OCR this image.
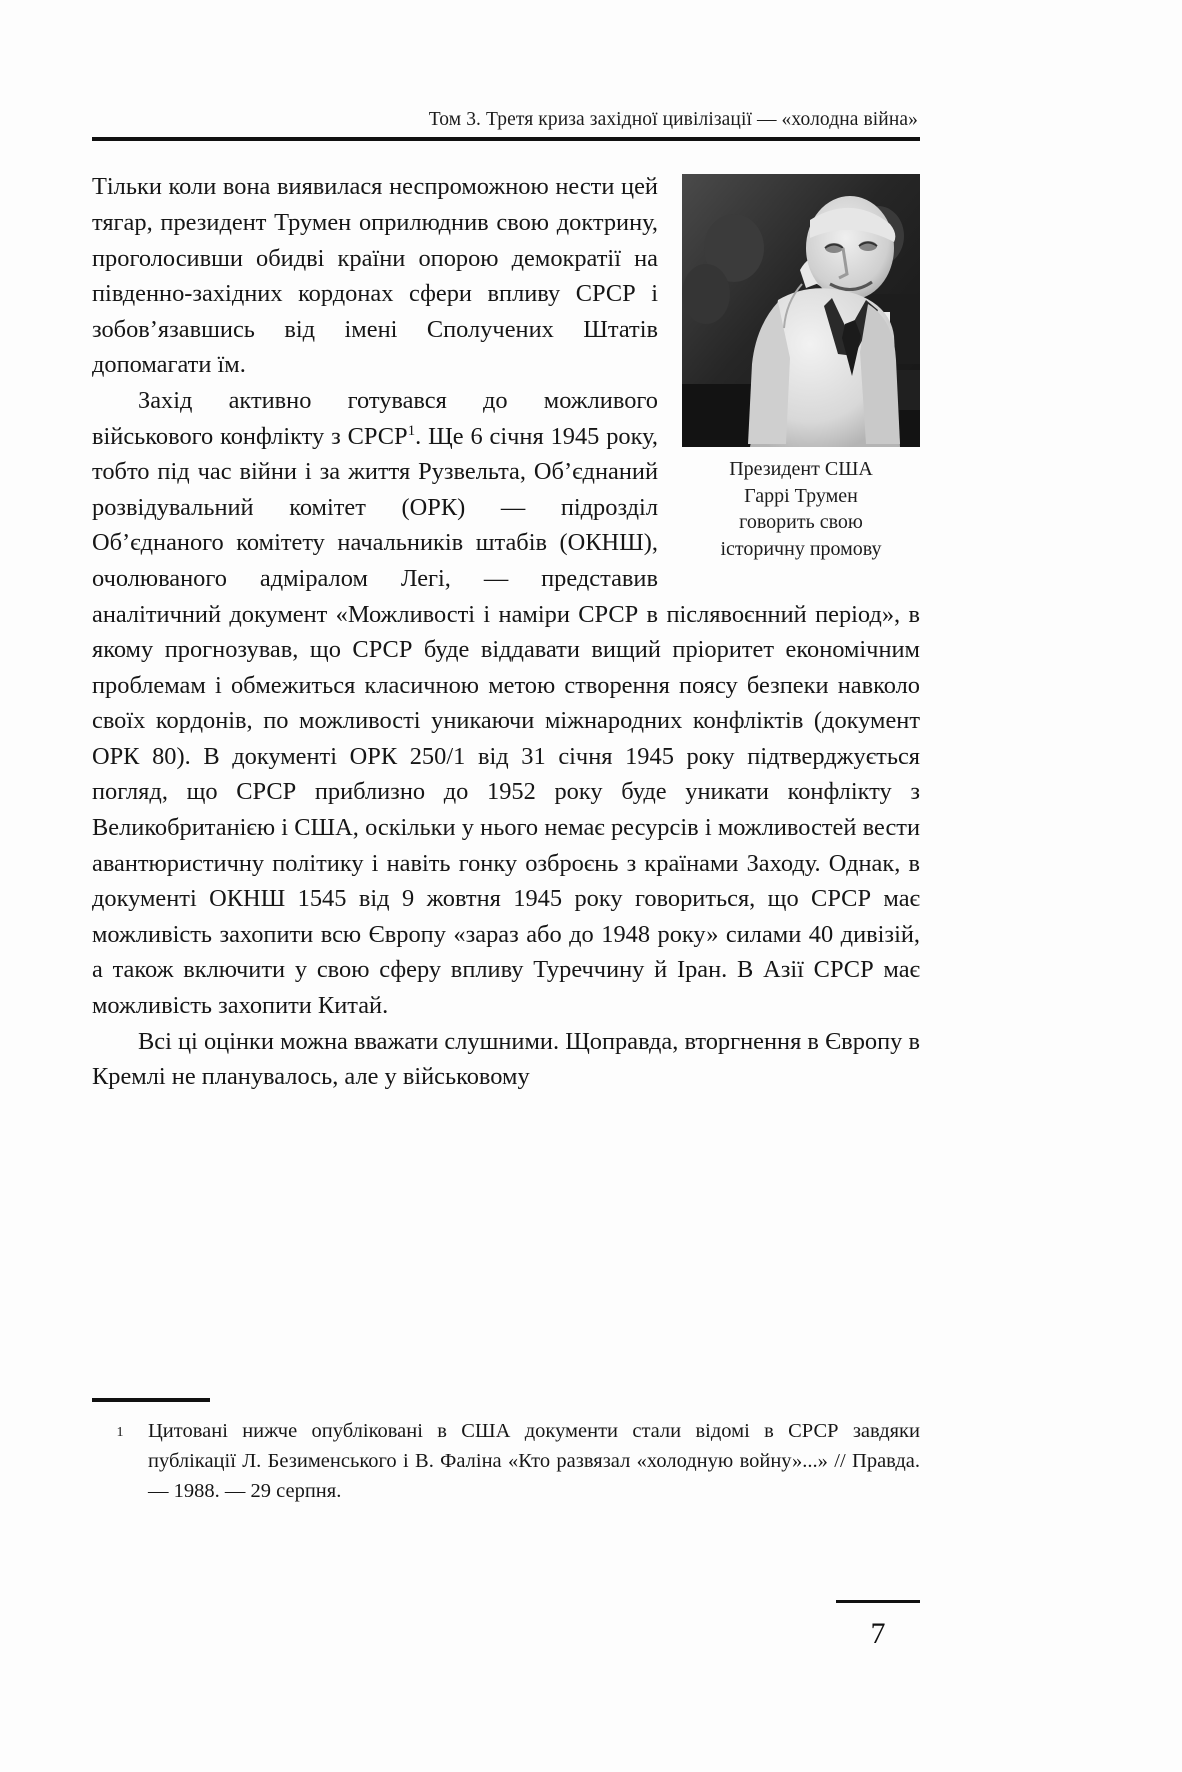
Том 3. Третя криза західної цивілізації — «холодна війна»
Президент США
Гаррі Трумен
говорить свою
історичну промову

Тільки коли вона виявилася неспроможною нести цей тягар, президент Трумен оприлюднив свою доктрину, проголосивши обидві країни опорою демократії на південно-західних кордонах сфери впливу СРСР і зобов’язавшись від імені Сполучених Штатів допомагати їм.

Захід активно готувався до можливого військового конфлікту з СРСР$^1$. Ще 6 січня 1945 року, тобто під час війни і за життя Рузвельта, Об’єднаний розвідувальний комітет (ОРК) — підрозділ Об’єднаного комітету начальників штабів (ОКНШ), очолюваного адміралом Легі, — представив аналітичний документ «Можливості і наміри СРСР в післявоєнний період», в якому прогнозував, що СРСР буде віддавати вищий пріоритет економічним проблемам і обмежиться класичною метою створення поясу безпеки навколо своїх кордонів, по можливості уникаючи міжнародних конфліктів (документ ОРК 80). В документі ОРК 250/1 від 31 січня 1945 року підтверджується погляд, що СРСР приблизно до 1952 року буде уникати конфлікту з Великобританією і США, оскільки у нього немає ресурсів і можливостей вести авантюристичну політику і навіть гонку озброєнь з країнами Заходу. Однак, в документі ОКНШ 1545 від 9 жовтня 1945 року говориться, що СРСР має можливість захопити всю Європу «зараз або до 1948 року» силами 40 дивізій, а також включити у свою сферу впливу Туреччину й Іран. В Азії СРСР має можливість захопити Китай.

Всі ці оцінки можна вважати слушними. Щоправда, вторгнення в Європу в Кремлі не планувалось, але у військовому

1	Цитовані нижче опубліковані в США документи стали відомі в СРСР завдяки публікації Л. Безименського і В. Фаліна «Кто развязал «холодную войну»...» // Правда. — 1988. — 29 серпня.
7
